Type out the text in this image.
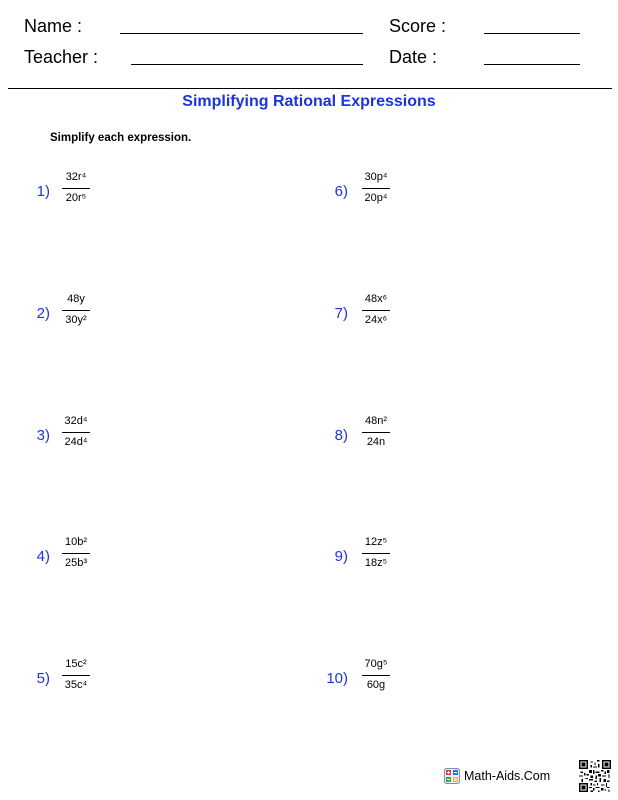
Name :	Score :
Teacher :	Date :
Simplifying Rational Expressions
Simplify each expression.
1)
32r⁴
20r⁵
2)
48y
30y²
3)
32d⁴
24d⁴
4)
10b²
25b³
5)
15c²
35c⁴
6)
30p⁴
20p⁴
7)
48x⁶
24x⁶
8)
48n²
24n
9)
12z⁵
18z⁵
10)
70g⁵
60g
Math-Aids.Com
